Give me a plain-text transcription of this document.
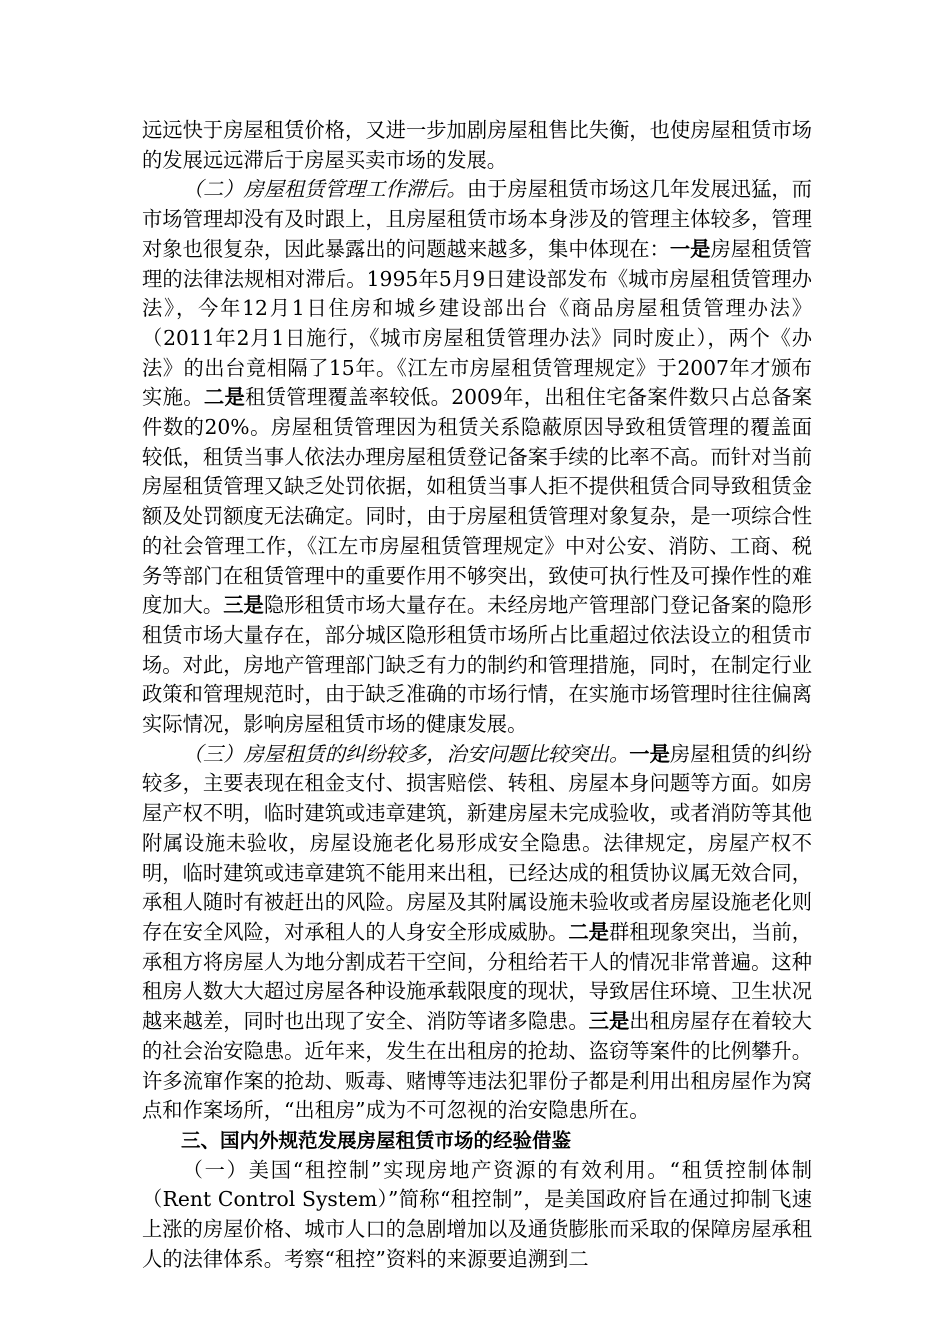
远远快于房屋租赁价格，又进一步加剧房屋租售比失衡，也使房屋租赁市场的发展远远滞后于房屋买卖市场的发展。

（二）房屋租赁管理工作滞后。由于房屋租赁市场这几年发展迅猛，而市场管理却没有及时跟上，且房屋租赁市场本身涉及的管理主体较多，管理对象也很复杂，因此暴露出的问题越来越多，集中体现在：一是房屋租赁管理的法律法规相对滞后。1995年5月9日建设部发布《城市房屋租赁管理办法》，今年12月1日住房和城乡建设部出台《商品房屋租赁管理办法》（2011年2月1日施行，《城市房屋租赁管理办法》同时废止），两个《办法》的出台竟相隔了15年。《江左市房屋租赁管理规定》于2007年才颁布实施。二是租赁管理覆盖率较低。2009年，出租住宅备案件数只占总备案件数的20%。房屋租赁管理因为租赁关系隐蔽原因导致租赁管理的覆盖面较低，租赁当事人依法办理房屋租赁登记备案手续的比率不高。而针对当前房屋租赁管理又缺乏处罚依据，如租赁当事人拒不提供租赁合同导致租赁金额及处罚额度无法确定。同时，由于房屋租赁管理对象复杂，是一项综合性的社会管理工作，《江左市房屋租赁管理规定》中对公安、消防、工商、税务等部门在租赁管理中的重要作用不够突出，致使可执行性及可操作性的难度加大。三是隐形租赁市场大量存在。未经房地产管理部门登记备案的隐形租赁市场大量存在，部分城区隐形租赁市场所占比重超过依法设立的租赁市场。对此，房地产管理部门缺乏有力的制约和管理措施，同时，在制定行业政策和管理规范时，由于缺乏准确的市场行情，在实施市场管理时往往偏离实际情况，影响房屋租赁市场的健康发展。

（三）房屋租赁的纠纷较多，治安问题比较突出。一是房屋租赁的纠纷较多，主要表现在租金支付、损害赔偿、转租、房屋本身问题等方面。如房屋产权不明，临时建筑或违章建筑，新建房屋未完成验收，或者消防等其他附属设施未验收，房屋设施老化易形成安全隐患。法律规定，房屋产权不明，临时建筑或违章建筑不能用来出租，已经达成的租赁协议属无效合同，承租人随时有被赶出的风险。房屋及其附属设施未验收或者房屋设施老化则存在安全风险，对承租人的人身安全形成威胁。二是群租现象突出，当前，承租方将房屋人为地分割成若干空间，分租给若干人的情况非常普遍。这种租房人数大大超过房屋各种设施承载限度的现状，导致居住环境、卫生状况越来越差，同时也出现了安全、消防等诸多隐患。三是出租房屋存在着较大的社会治安隐患。近年来，发生在出租房的抢劫、盗窃等案件的比例攀升。许多流窜作案的抢劫、贩毒、赌博等违法犯罪份子都是利用出租房屋作为窝点和作案场所，“出租房”成为不可忽视的治安隐患所在。

三、国内外规范发展房屋租赁市场的经验借鉴

（一）美国“租控制”实现房地产资源的有效利用。“租赁控制体制（Rent Control System）”简称“租控制”，是美国政府旨在通过抑制飞速上涨的房屋价格、城市人口的急剧增加以及通货膨胀而采取的保障房屋承租人的法律体系。考察“租控”资料的来源要追溯到二
